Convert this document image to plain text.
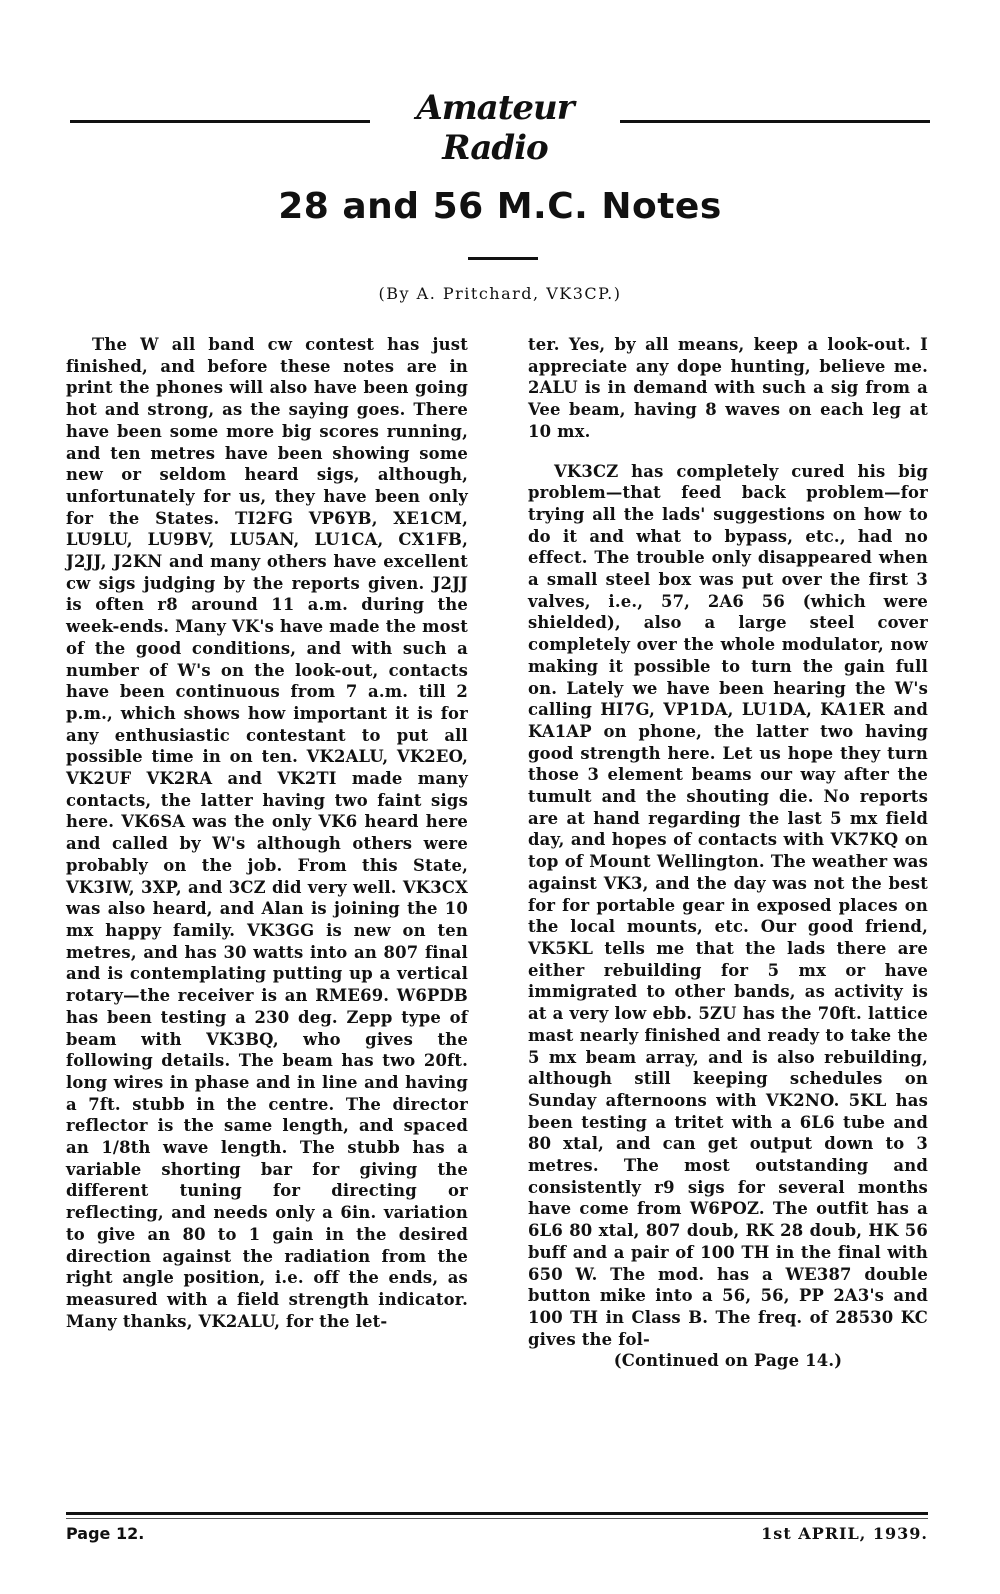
Amateur Radio
28 and 56 M.C. Notes
(By A. Pritchard, VK3CP.)

The W all band cw contest has just finished, and before these notes are in print the phones will also have been going hot and strong, as the saying goes. There have been some more big scores running, and ten metres have been showing some new or seldom heard sigs, although, unfortunately for us, they have been only for the States. TI2FG VP6YB, XE1CM, LU9LU, LU9BV, LU5AN, LU1CA, CX1FB, J2JJ, J2KN and many others have excellent cw sigs judging by the reports given. J2JJ is often r8 around 11 a.m. during the week-ends. Many VK's have made the most of the good conditions, and with such a number of W's on the look-out, contacts have been continuous from 7 a.m. till 2 p.m., which shows how important it is for any enthusiastic contestant to put all possible time in on ten. VK2ALU, VK2EO, VK2UF VK2RA and VK2TI made many contacts, the latter having two faint sigs here. VK6SA was the only VK6 heard here and called by W's although others were probably on the job. From this State, VK3IW, 3XP, and 3CZ did very well. VK3CX was also heard, and Alan is joining the 10 mx happy family. VK3GG is new on ten metres, and has 30 watts into an 807 final and is contemplating putting up a vertical rotary—the receiver is an RME69. W6PDB has been testing a 230 deg. Zepp type of beam with VK3BQ, who gives the following details. The beam has two 20ft. long wires in phase and in line and having a 7ft. stubb in the centre. The director reflector is the same length, and spaced an 1/8th wave length. The stubb has a variable shorting bar for giving the different tuning for directing or reflecting, and needs only a 6in. variation to give an 80 to 1 gain in the desired direction against the radiation from the right angle position, i.e. off the ends, as measured with a field strength indicator. Many thanks, VK2ALU, for the let-

ter. Yes, by all means, keep a look-out. I appreciate any dope hunting, believe me. 2ALU is in demand with such a sig from a Vee beam, having 8 waves on each leg at 10 mx.

VK3CZ has completely cured his big problem—that feed back problem—for trying all the lads' suggestions on how to do it and what to bypass, etc., had no effect. The trouble only disappeared when a small steel box was put over the first 3 valves, i.e., 57, 2A6 56 (which were shielded), also a large steel cover completely over the whole modulator, now making it possible to turn the gain full on. Lately we have been hearing the W's calling HI7G, VP1DA, LU1DA, KA1ER and KA1AP on phone, the latter two having good strength here. Let us hope they turn those 3 element beams our way after the tumult and the shouting die. No reports are at hand regarding the last 5 mx field day, and hopes of contacts with VK7KQ on top of Mount Wellington. The weather was against VK3, and the day was not the best for for portable gear in exposed places on the local mounts, etc. Our good friend, VK5KL tells me that the lads there are either rebuilding for 5 mx or have immigrated to other bands, as activity is at a very low ebb. 5ZU has the 70ft. lattice mast nearly finished and ready to take the 5 mx beam array, and is also rebuilding, although still keeping schedules on Sunday afternoons with VK2NO. 5KL has been testing a tritet with a 6L6 tube and 80 xtal, and can get output down to 3 metres. The most outstanding and consistently r9 sigs for several months have come from W6POZ. The outfit has a 6L6 80 xtal, 807 doub, RK 28 doub, HK 56 buff and a pair of 100 TH in the final with 650 W. The mod. has a WE387 double button mike into a 56, 56, PP 2A3's and 100 TH in Class B. The freq. of 28530 KC gives the fol-

(Continued on Page 14.)

Page 12.	1st APRIL, 1939.
